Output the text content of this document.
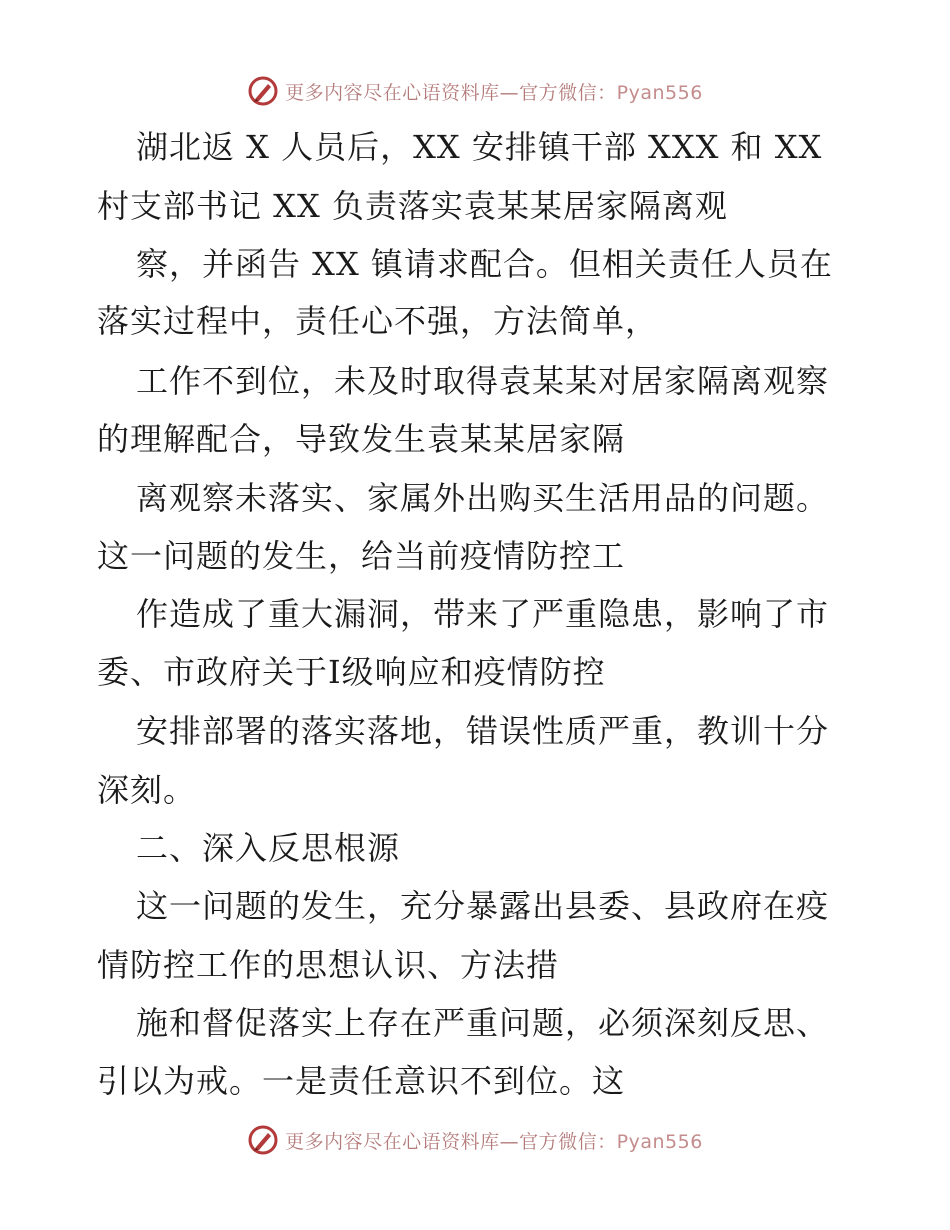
更多内容尽在心语资料库—官方微信：Pyan556
湖北返 X 人员后，XX 安排镇干部 XXX 和 XX
村支部书记 XX 负责落实袁某某居家隔离观
察，并函告 XX 镇请求配合。但相关责任人员在
落实过程中，责任心不强，方法简单，
工作不到位，未及时取得袁某某对居家隔离观察
的理解配合，导致发生袁某某居家隔
离观察未落实、家属外出购买生活用品的问题。
这一问题的发生，给当前疫情防控工
作造成了重大漏洞，带来了严重隐患，影响了市
委、市政府关于Ⅰ级响应和疫情防控
安排部署的落实落地，错误性质严重，教训十分
深刻。
二、深入反思根源
这一问题的发生，充分暴露出县委、县政府在疫
情防控工作的思想认识、方法措
施和督促落实上存在严重问题，必须深刻反思、
引以为戒。一是责任意识不到位。这
更多内容尽在心语资料库—官方微信：Pyan556
